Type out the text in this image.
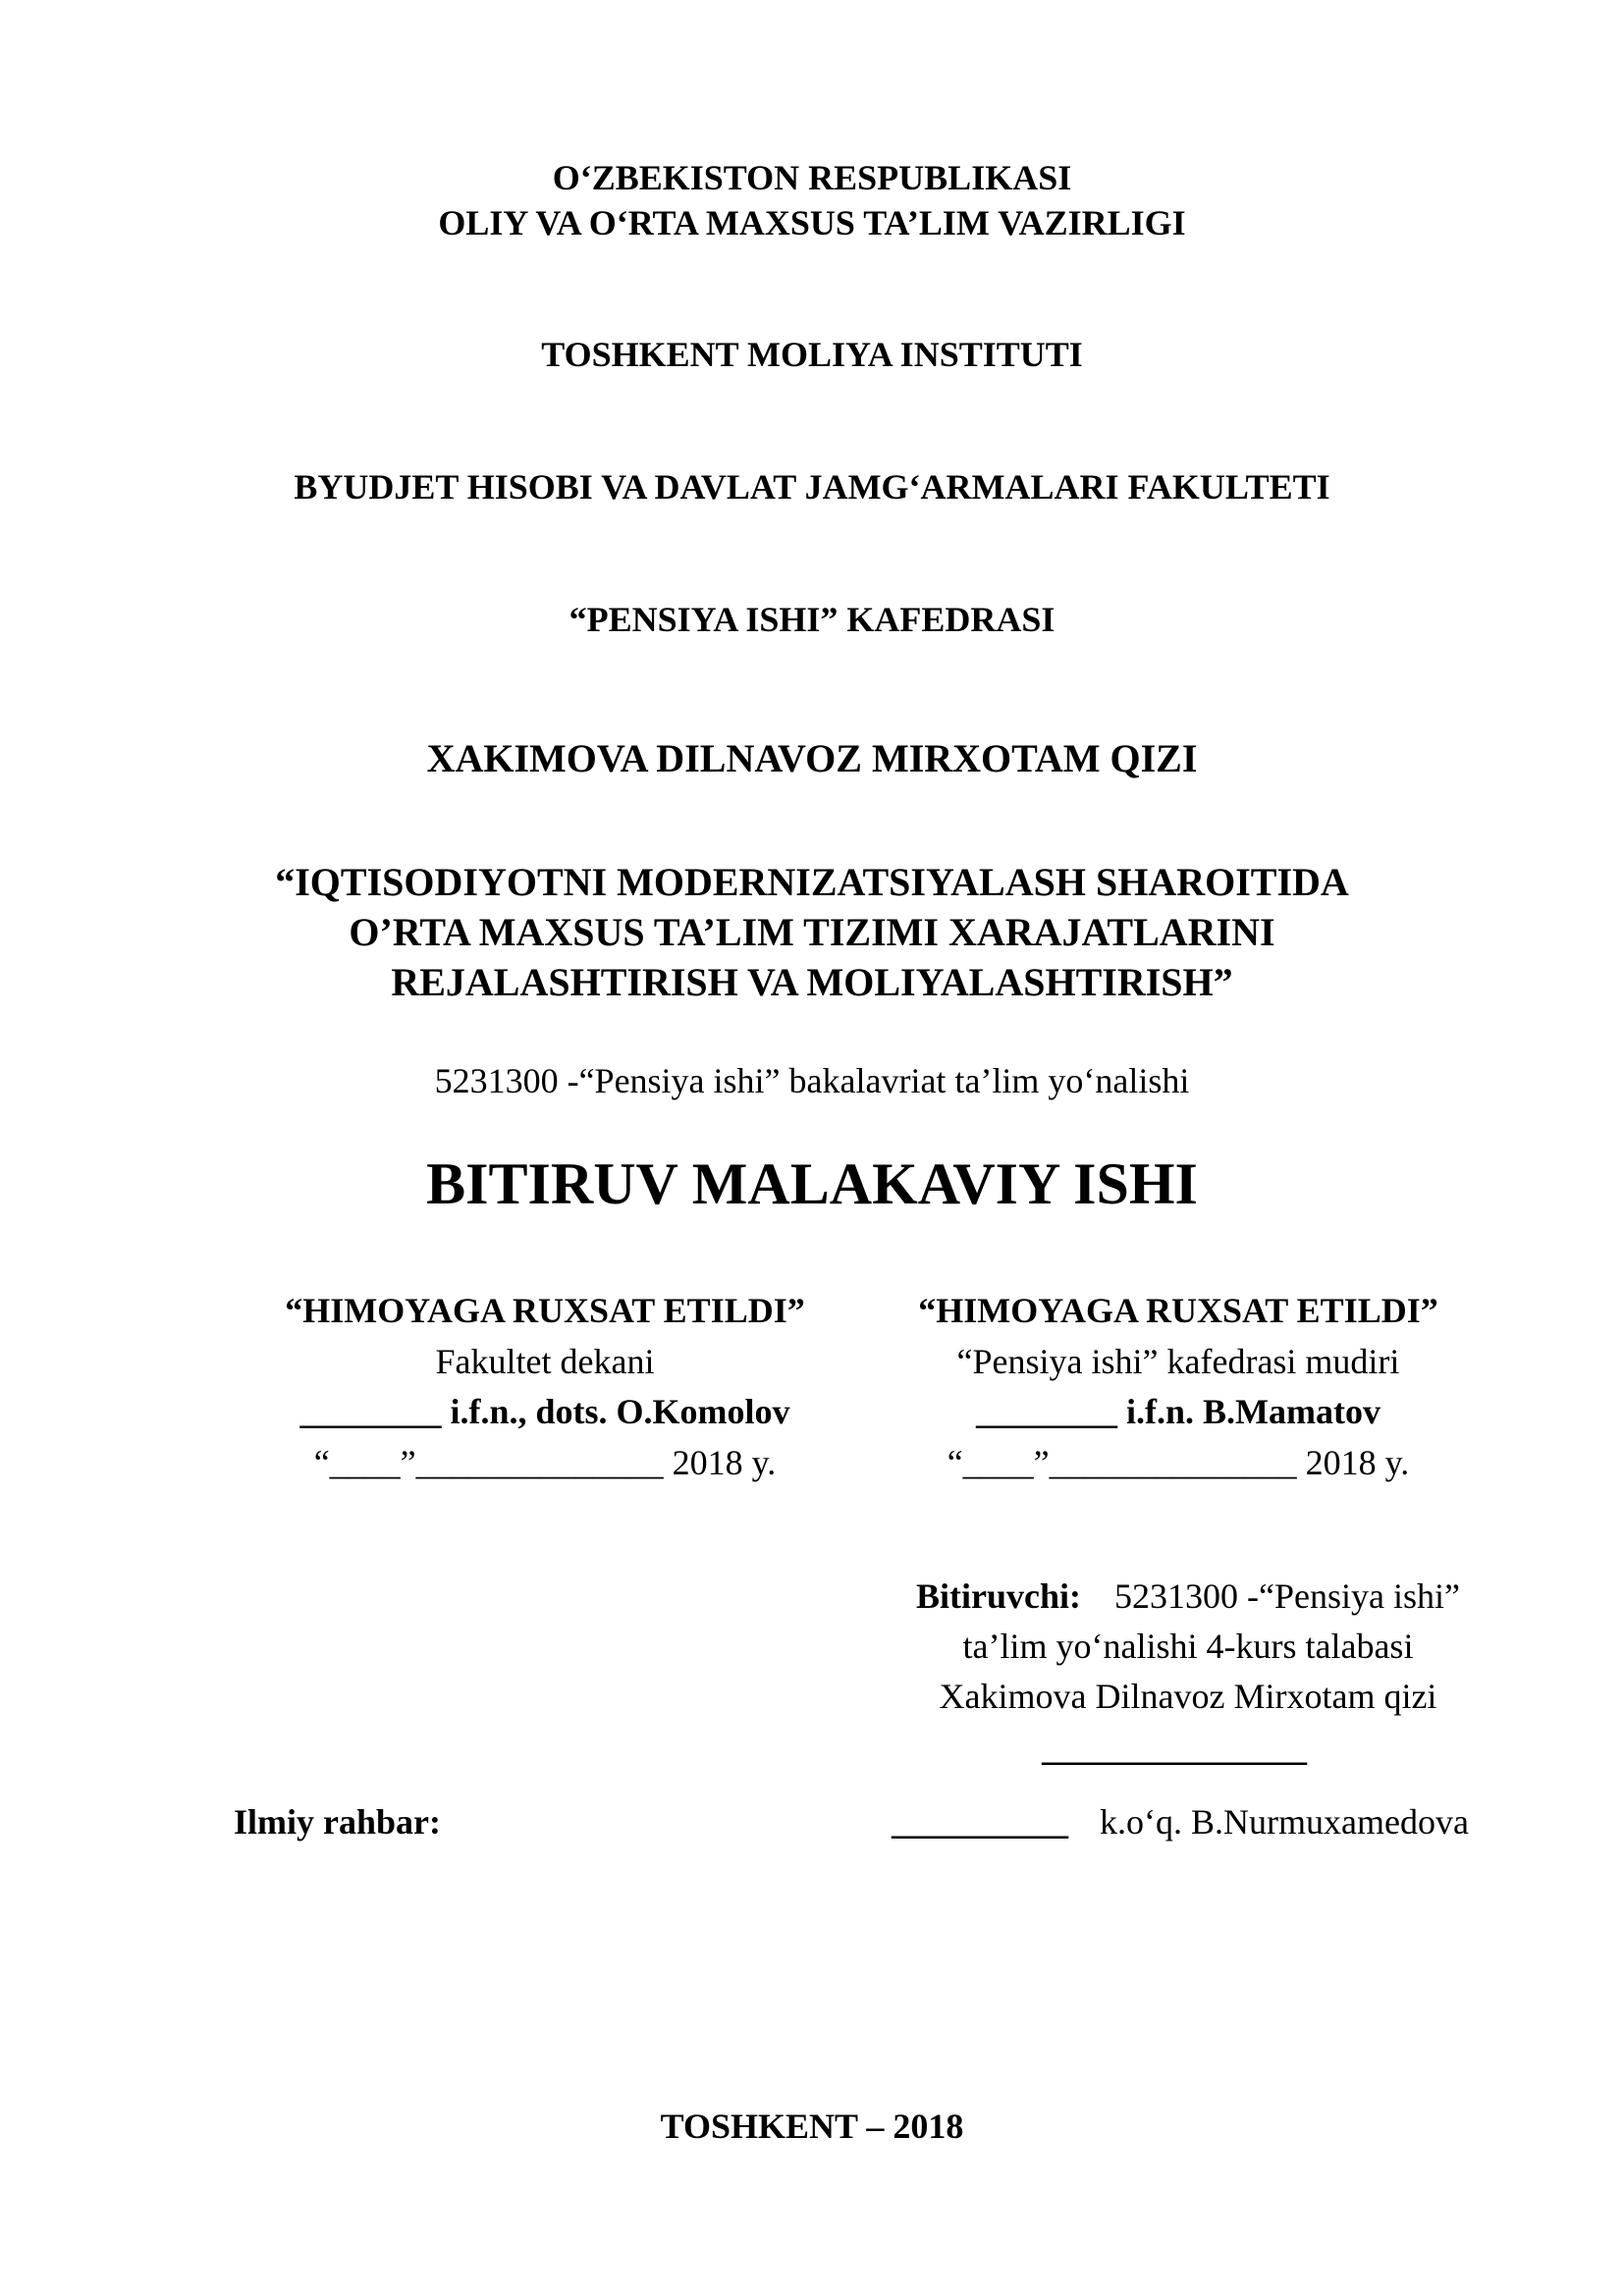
O‘ZBEKISTON RESPUBLIKASI
OLIY VA O‘RTA MAXSUS TA’LIM VAZIRLIGI
TOSHKENT MOLIYA INSTITUTI
BYUDJET HISOBI VA DAVLAT JAMG‘ARMALARI FAKULTETI
“PENSIYA ISHI” KAFEDRASI
XAKIMOVA DILNAVOZ MIRXOTAM QIZI
“IQTISODIYOTNI MODERNIZATSIYALASH SHAROITIDA
O’RTA MAXSUS TA’LIM TIZIMI XARAJATLARINI
REJALASHTIRISH VA MOLIYALASHTIRISH”
5231300 -“Pensiya ishi” bakalavriat ta’lim yo‘nalishi
BITIRUV MALAKAVIY ISHI
“HIMOYAGA RUXSAT ETILDI”
Fakultet dekani
________ i.f.n., dots. O.Komolov
“____”______________ 2018 y.
“HIMOYAGA RUXSAT ETILDI”
“Pensiya ishi” kafedrasi mudiri
________ i.f.n. B.Mamatov
“____”______________ 2018 y.
Bitiruvchi: 5231300 -“Pensiya ishi”
ta’lim yo‘nalishi 4-kurs talabasi
Xakimova Dilnavoz Mirxotam qizi
_______________
Ilmiy rahbar:	__________ k.o‘q. B.Nurmuxamedova
TOSHKENT – 2018
